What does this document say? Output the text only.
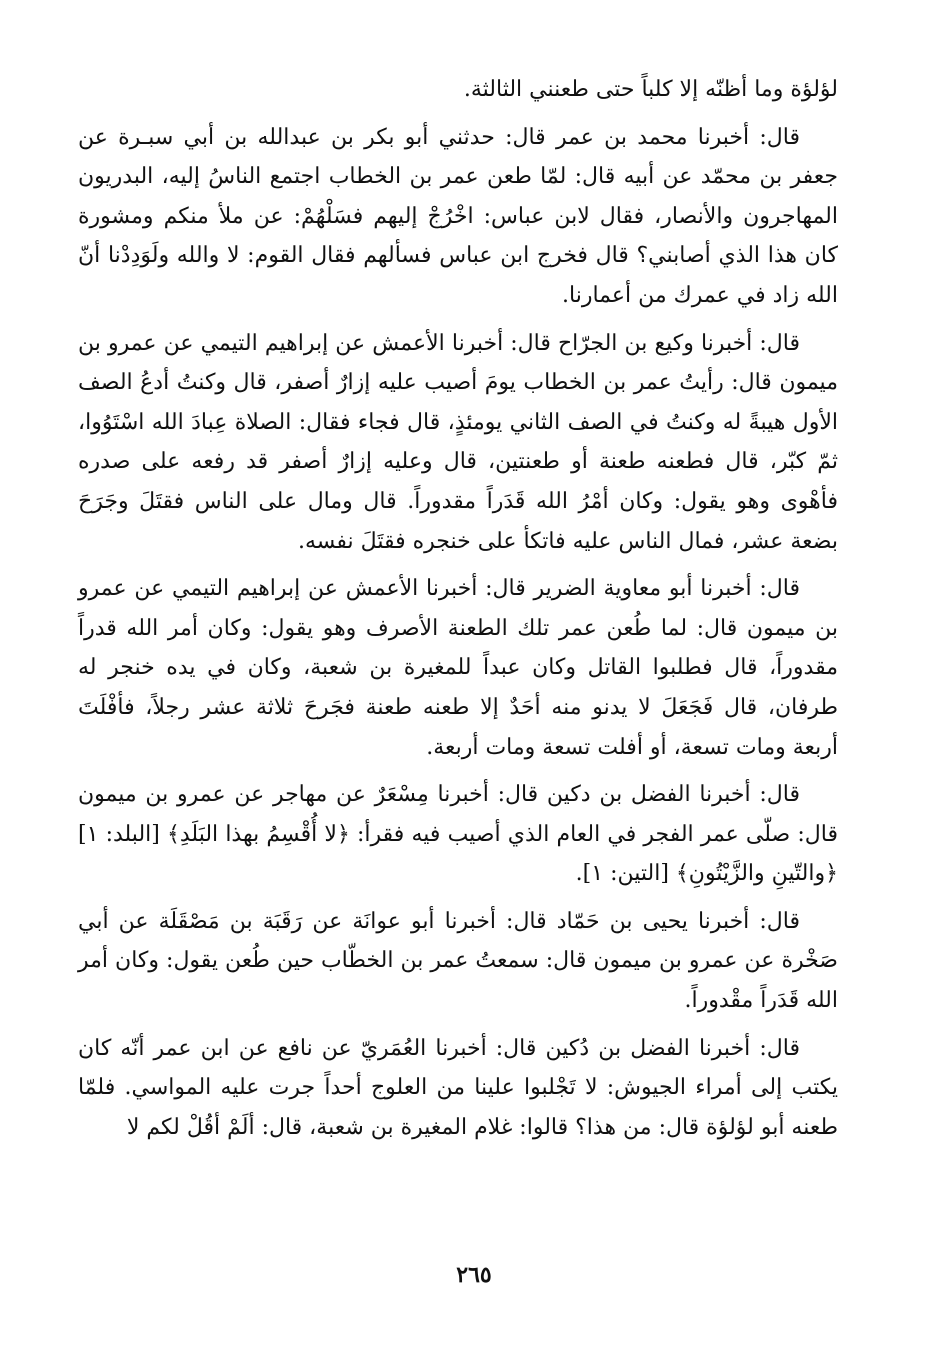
لؤلؤة وما أظنّه إلا كلباً حتى طعنني الثالثة.

قال: أخبرنا محمد بن عمر قال: حدثني أبو بكر بن عبدالله بن أبي سبـرة عن جعفر بن محمّد عن أبيه قال: لمّا طعن عمر بن الخطاب اجتمع الناسُ إليه، البدريون المهاجرون والأنصار، فقال لابن عباس: اخْرُجْ إليهم فسَلْهُمْ: عن ملأ منكم ومشورة كان هذا الذي أصابني؟ قال فخرج ابن عباس فسألهم فقال القوم: لا والله ولَوَدِدْنا أنّ الله زاد في عمرك من أعمارنا.

قال: أخبرنا وكيع بن الجرّاح قال: أخبرنا الأعمش عن إبراهيم التيمي عن عمرو بن ميمون قال: رأيتُ عمر بن الخطاب يومَ أصيب عليه إزارٌ أصفر، قال وكنتُ أدعُ الصف الأول هيبةً له وكنتُ في الصف الثاني يومئذٍ، قال فجاء فقال: الصلاة عِبادَ الله اسْتَوُوا، ثمّ كبّر، قال فطعنه طعنة أو طعنتين، قال وعليه إزارٌ أصفر قد رفعه على صدره فأهْوى وهو يقول: وكان أمْرُ الله قَدَراً مقدوراً. قال ومال على الناس فقتَلَ وجَرَحَ بضعة عشر، فمال الناس عليه فاتكأ على خنجره فقتَلَ نفسه.

قال: أخبرنا أبو معاوية الضرير قال: أخبرنا الأعمش عن إبراهيم التيمي عن عمرو بن ميمون قال: لما طُعن عمر تلك الطعنة الأصرف وهو يقول: وكان أمر الله قدراً مقدوراً، قال فطلبوا القاتل وكان عبداً للمغيرة بن شعبة، وكان في يده خنجر له طرفان، قال فَجَعَلَ لا يدنو منه أحَدٌ إلا طعنه طعنة فجَرحَ ثلاثة عشر رجلاً، فأفْلَتَ أربعة ومات تسعة، أو أفلت تسعة ومات أربعة.

قال: أخبرنا الفضل بن دكين قال: أخبرنا مِسْعَرٌ عن مهاجر عن عمرو بن ميمون قال: صلّى عمر الفجر في العام الذي أصيب فيه فقرأ: ﴿لا أُقْسِمُ بهذا البَلَدِ﴾ [البلد: ١] ﴿والتّينِ والزَّيْتُونِ﴾ [التين: ١].

قال: أخبرنا يحيى بن حَمّاد قال: أخبرنا أبو عوانَة عن رَقَبَة بن مَصْقَلَة عن أبي صَخْرة عن عمرو بن ميمون قال: سمعتُ عمر بن الخطّاب حين طُعن يقول: وكان أمر الله قَدَراً مقْدوراً.

قال: أخبرنا الفضل بن دُكين قال: أخبرنا العُمَريّ عن نافع عن ابن عمر أنّه كان يكتب إلى أمراء الجيوش: لا تَجْلبوا علينا من العلوج أحداً جرت عليه المواسي. فلمّا طعنه أبو لؤلؤة قال: من هذا؟ قالوا: غلام المغيرة بن شعبة، قال: ألَمْ أقُلْ لكم لا

٢٦٥
